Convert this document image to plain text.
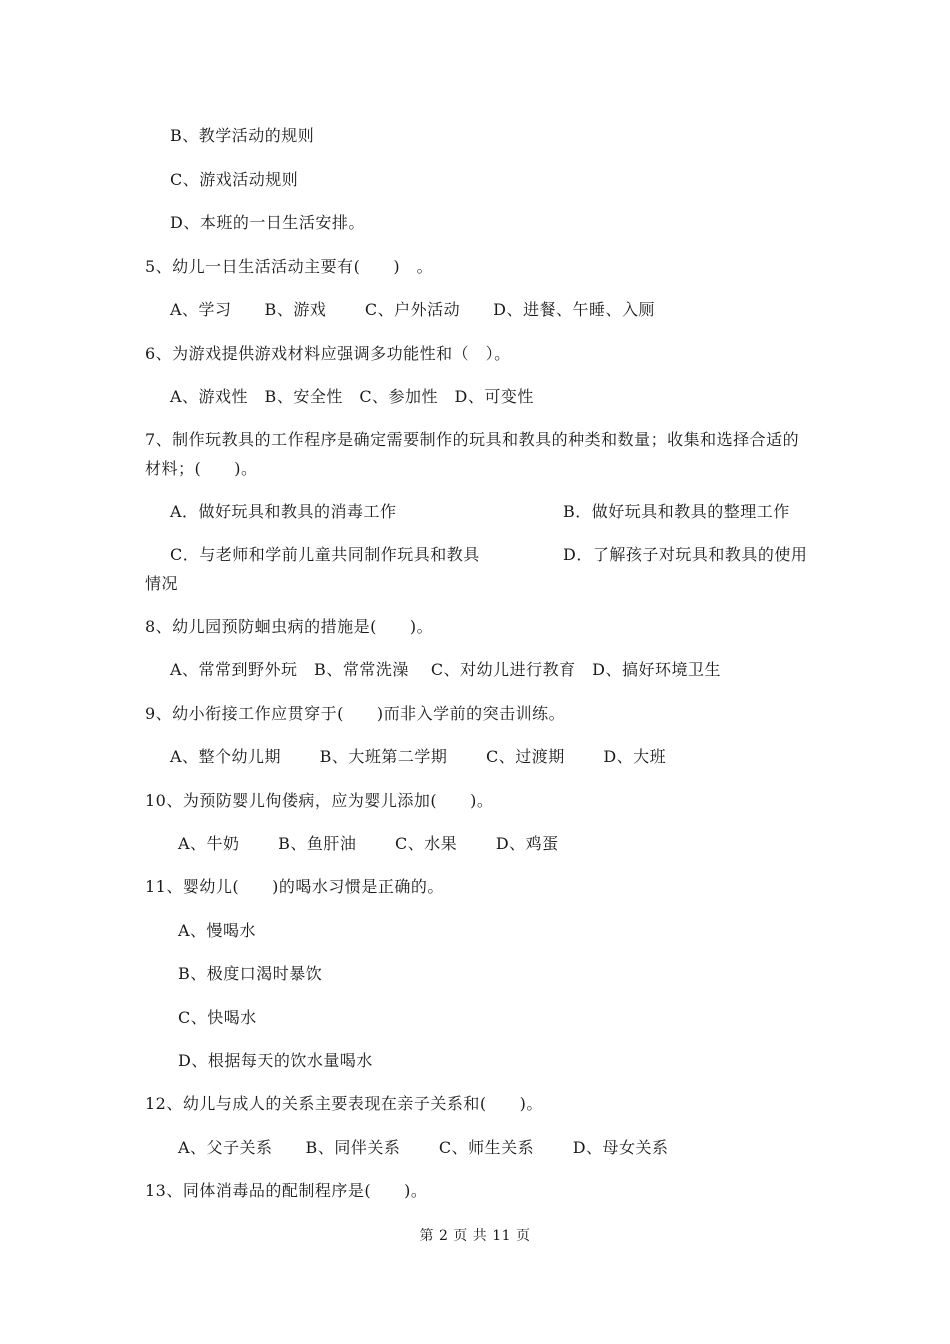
B、教学活动的规则
C、游戏活动规则
D、本班的一日生活安排。
5、幼儿一日生活活动主要有(　　)　。
A、学习　　B、游戏　　 C、户外活动　　D、进餐、午睡、入厕
6、为游戏提供游戏材料应强调多功能性和（　）。
A、游戏性　B、安全性　C、参加性　D、可变性
7、制作玩教具的工作程序是确定需要制作的玩具和教具的种类和数量；收集和选择合适的
材料；(　　)。
A．做好玩具和教具的消毒工作	B．做好玩具和教具的整理工作
C．与老师和学前儿童共同制作玩具和教具	D．了解孩子对玩具和教具的使用
情况
8、幼儿园预防蛔虫病的措施是(　　)。
A、常常到野外玩　B、常常洗澡　 C、对幼儿进行教育　D、搞好环境卫生
9、幼小衔接工作应贯穿于(　　)而非入学前的突击训练。
A、整个幼儿期　　 B、大班第二学期　　 C、过渡期　　 D、大班
10、为预防婴儿佝偻病，应为婴儿添加(　　)。
A、牛奶　　 B、鱼肝油　　 C、水果　　 D、鸡蛋
11、婴幼儿(　　)的喝水习惯是正确的。
A、慢喝水
B、极度口渴时暴饮
C、快喝水
D、根据每天的饮水量喝水
12、幼儿与成人的关系主要表现在亲子关系和(　　)。
A、父子关系　　B、同伴关系　　 C、师生关系　　 D、母女关系
13、同体消毒品的配制程序是(　　)。
第 2 页 共 11 页
